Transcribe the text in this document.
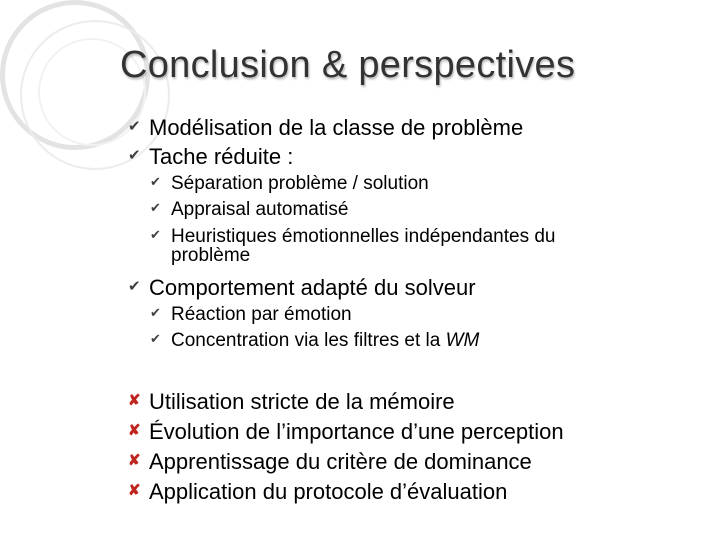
Conclusion & perspectives
✔ Modélisation de la classe de problème
✔ Tache réduite :
✔ Séparation problème / solution
✔ Appraisal automatisé
✔ Heuristiques émotionnelles indépendantes du
problème
✔ Comportement adapté du solveur
✔ Réaction par émotion
✔ Concentration via les filtres et la WM
✘ Utilisation stricte de la mémoire
✘ Évolution de l’importance d’une perception
✘ Apprentissage du critère de dominance
✘ Application du protocole d’évaluation
